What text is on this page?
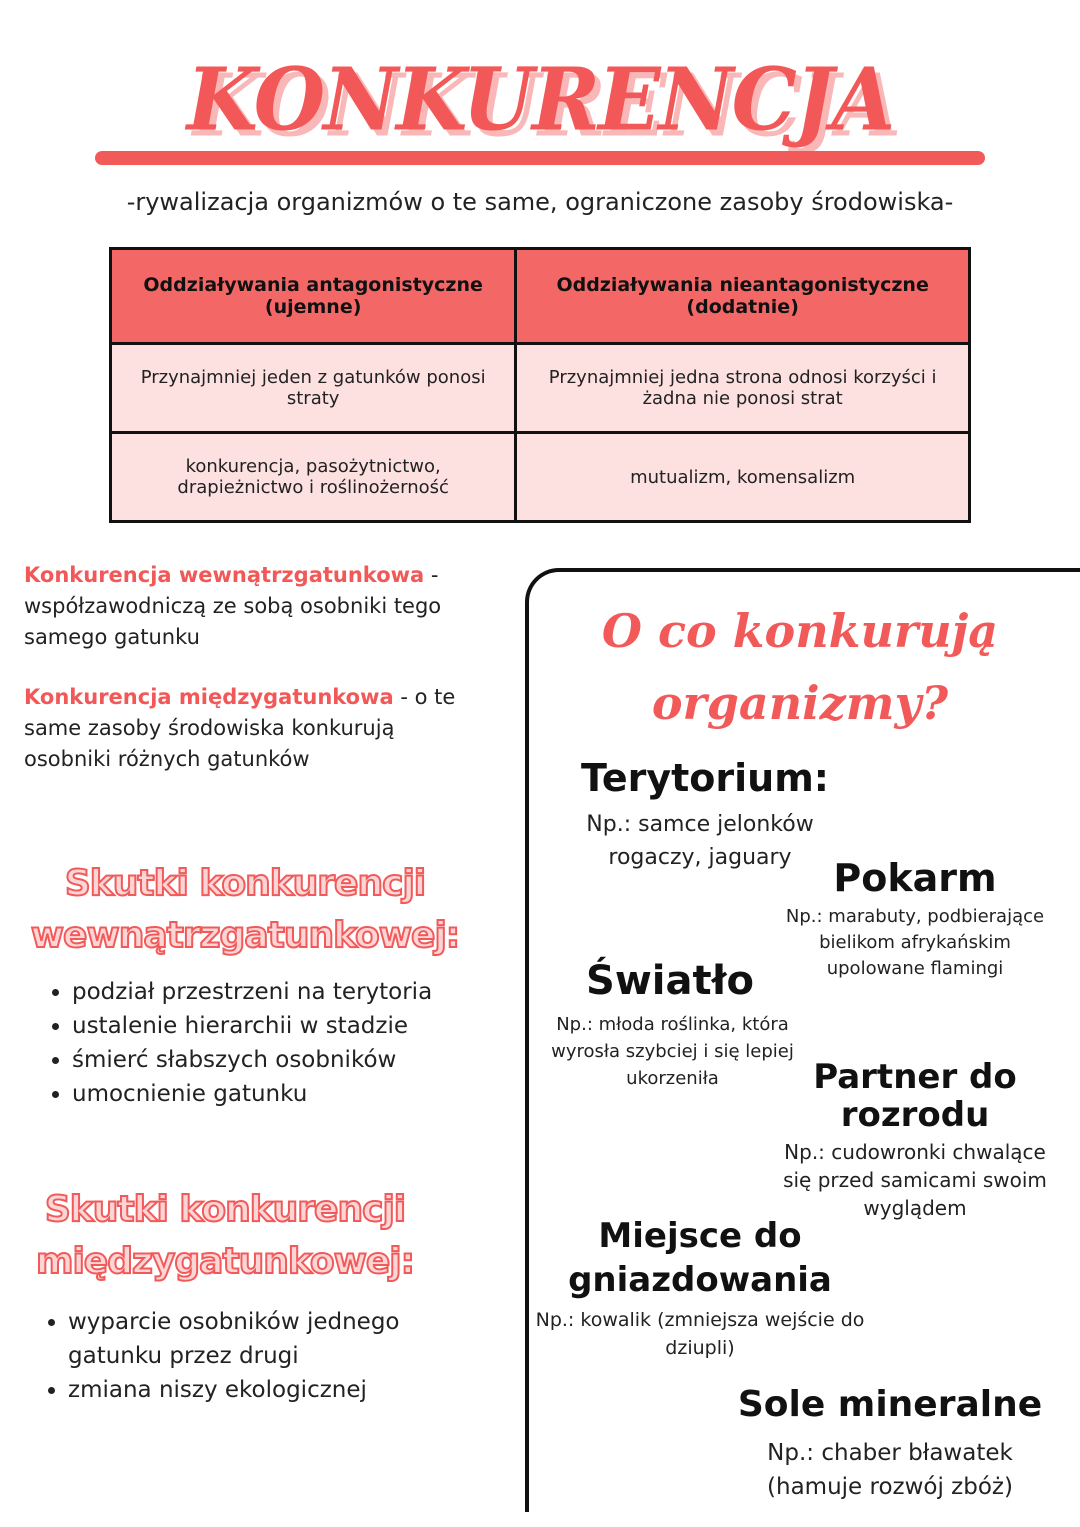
KONKURENCJA
-rywalizacja organizmów o te same, ograniczone zasoby środowiska-
Oddziaływania antagonistyczne (ujemne)	Oddziaływania nieantagonistyczne (dodatnie)
Przynajmniej jeden z gatunków ponosi straty	Przynajmniej jedna strona odnosi korzyści i żadna nie ponosi strat
konkurencja, pasożytnictwo, drapieżnictwo i roślinożerność	mutualizm, komensalizm
Konkurencja wewnątrzgatunkowa - współzawodniczą ze sobą osobniki tego samego gatunku
Konkurencja międzygatunkowa - o te same zasoby środowiska konkurują osobniki różnych gatunków
Skutki konkurencji
wewnątrzgatunkowej:
• podział przestrzeni na terytoria
• ustalenie hierarchii w stadzie
• śmierć słabszych osobników
• umocnienie gatunku
Skutki konkurencji
międzygatunkowej:
• wyparcie osobników jednego gatunku przez drugi
• zmiana niszy ekologicznej
O co konkurują
organizmy?
Terytorium:
Np.: samce jelonków rogaczy, jaguary	Pokarm
Np.: marabuty, podbierające bielikom afrykańskim upolowane flamingi
Światło
Np.: młoda roślinka, która wyrosła szybciej i się lepiej ukorzeniła	Partner do rozrodu
Np.: cudowronki chwalące się przed samicami swoim wyglądem
Miejsce do gniazdowania
Np.: kowalik (zmniejsza wejście do dziupli)
Sole mineralne
Np.: chaber bławatek (hamuje rozwój zbóż)
